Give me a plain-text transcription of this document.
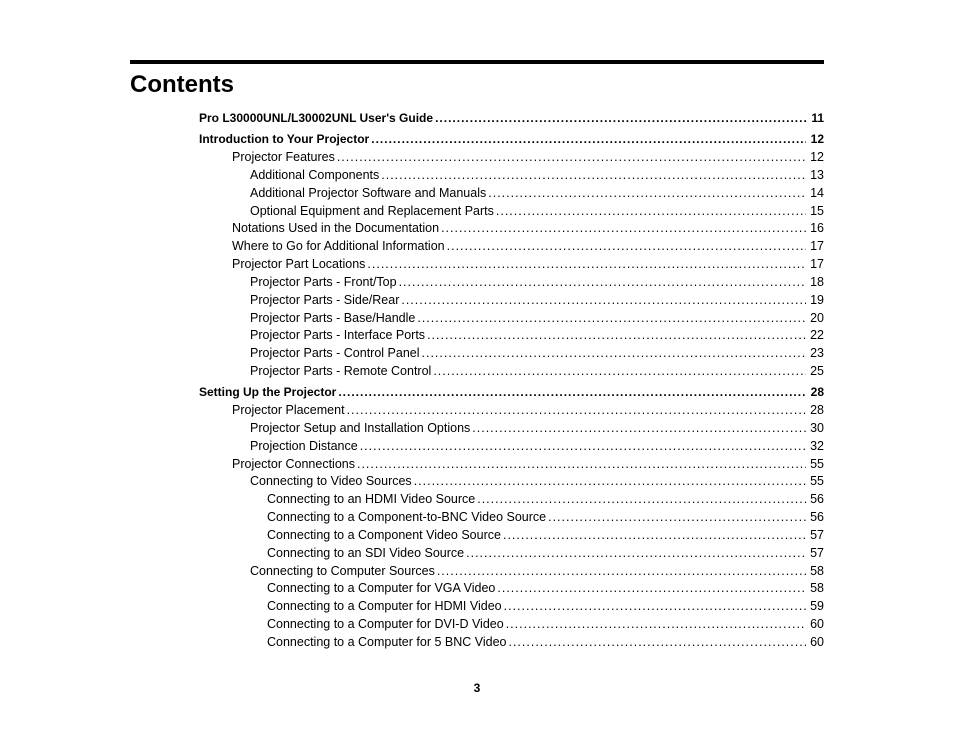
Contents
Pro L30000UNL/L30002UNL User's Guide .....	11
Introduction to Your Projector .....	12
Projector Features .....	12
Additional Components .....	13
Additional Projector Software and Manuals .....	14
Optional Equipment and Replacement Parts .....	15
Notations Used in the Documentation .....	16
Where to Go for Additional Information .....	17
Projector Part Locations .....	17
Projector Parts - Front/Top .....	18
Projector Parts - Side/Rear .....	19
Projector Parts - Base/Handle .....	20
Projector Parts - Interface Ports .....	22
Projector Parts - Control Panel .....	23
Projector Parts - Remote Control .....	25
Setting Up the Projector .....	28
Projector Placement .....	28
Projector Setup and Installation Options .....	30
Projection Distance .....	32
Projector Connections .....	55
Connecting to Video Sources .....	55
Connecting to an HDMI Video Source .....	56
Connecting to a Component-to-BNC Video Source .....	56
Connecting to a Component Video Source .....	57
Connecting to an SDI Video Source .....	57
Connecting to Computer Sources .....	58
Connecting to a Computer for VGA Video .....	58
Connecting to a Computer for HDMI Video .....	59
Connecting to a Computer for DVI-D Video .....	60
Connecting to a Computer for 5 BNC Video .....	60
3
